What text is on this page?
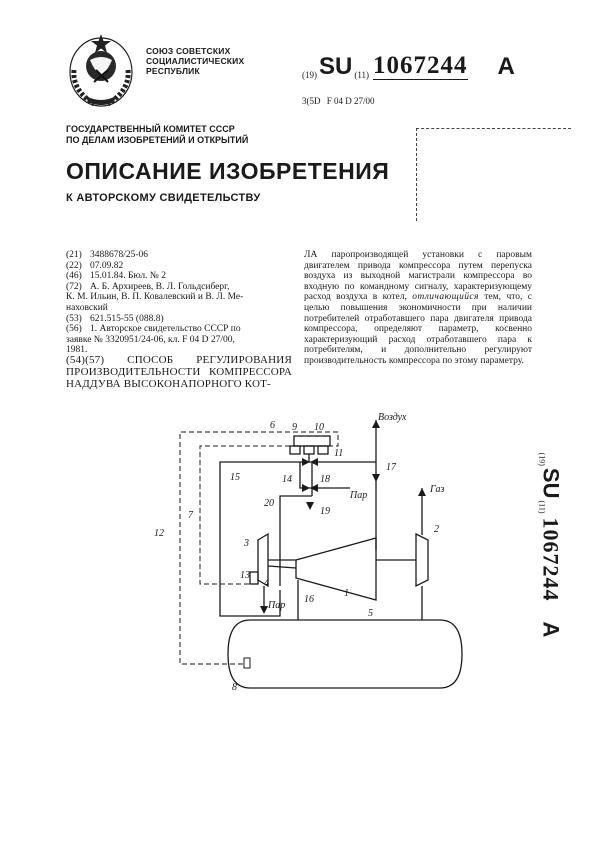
СОЮЗ СОВЕТСКИХ
СОЦИАЛИСТИЧЕСКИХ
РЕСПУБЛИК	(19) SU (11) 1067244 A
3(5D F 04 D 27/00
ГОСУДАРСТВЕННЫЙ КОМИТЕТ СССР
ПО ДЕЛАМ ИЗОБРЕТЕНИЙ И ОТКРЫТИЙ
ОПИСАНИЕ ИЗОБРЕТЕНИЯ
К АВТОРСКОМУ СВИДЕТЕЛЬСТВУ
(21) 3488678/25-06
(22) 07.09.82
(46) 15.01.84. Бюл. № 2
(72) А. Б. Архиреев, В. Л. Гольдсиберг,
К. М. Ильин, В. П. Ковалевский и В. Л. Ме-
наховский
(53) 621.515-55 (088.8)
(56) 1. Авторское свидетельство СССР по
заявке № 3320951/24-06, кл. F 04 D 27/00,
1981.
(54)(57) СПОСОБ РЕГУЛИРОВАНИЯ ПРОИЗВОДИТЕЛЬНОСТИ КОМПРЕССОРА НАДДУВА ВЫСОКОНАПОРНОГО КОТ-
ЛА паропроизводящей установки с паровым двигателем привода компрессора путем перепуска воздуха из выходной магистрали компрессора во входную по командному сигналу, характеризующему расход воздуха в котел, отличающийся тем, что, с целью повышения экономичности при наличии потребителей отработавшего пара двигателя привода компрессора, определяют параметр, косвенно характеризующий расход отработавшего пара к потребителям, и дополнительно регулируют производительность компрессора по этому параметру.
(19)
SU
(11)
1067244
A
Воздух
Газ
Пар
Пар
1
2
3
4
5
6
7
8
9 10
11
12
13
14
15
16
17
18
19
20
